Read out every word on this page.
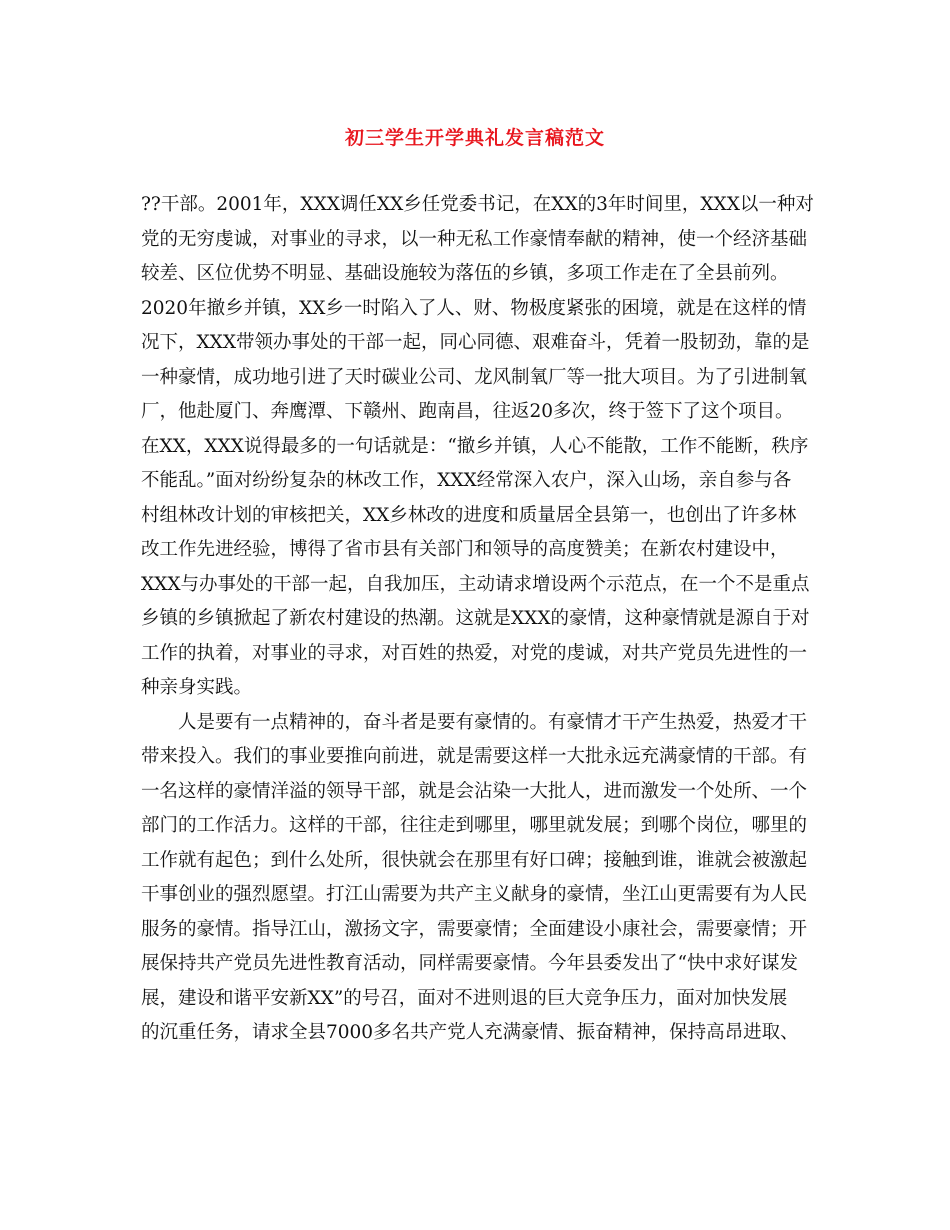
初三学生开学典礼发言稿范文
??干部。2001年，XXX调任XX乡任党委书记，在XX的3年时间里，XXX以一种对
党的无穷虔诚，对事业的寻求，以一种无私工作豪情奉献的精神，使一个经济基础
较差、区位优势不明显、基础设施较为落伍的乡镇，多项工作走在了全县前列。
2020年撤乡并镇，XX乡一时陷入了人、财、物极度紧张的困境，就是在这样的情
况下，XXX带领办事处的干部一起，同心同德、艰难奋斗，凭着一股韧劲，靠的是
一种豪情，成功地引进了天时碳业公司、龙风制氧厂等一批大项目。为了引进制氧
厂，他赴厦门、奔鹰潭、下赣州、跑南昌，往返20多次，终于签下了这个项目。
在XX，XXX说得最多的一句话就是：“撤乡并镇，人心不能散，工作不能断，秩序
不能乱。”面对纷纷复杂的林改工作，XXX经常深入农户，深入山场，亲自参与各
村组林改计划的审核把关，XX乡林改的进度和质量居全县第一，也创出了许多林
改工作先进经验，博得了省市县有关部门和领导的高度赞美；在新农村建设中，
XXX与办事处的干部一起，自我加压，主动请求增设两个示范点，在一个不是重点
乡镇的乡镇掀起了新农村建设的热潮。这就是XXX的豪情，这种豪情就是源自于对
工作的执着，对事业的寻求，对百姓的热爱，对党的虔诚，对共产党员先进性的一
种亲身实践。
人是要有一点精神的，奋斗者是要有豪情的。有豪情才干产生热爱，热爱才干
带来投入。我们的事业要推向前进，就是需要这样一大批永远充满豪情的干部。有
一名这样的豪情洋溢的领导干部，就是会沾染一大批人，进而激发一个处所、一个
部门的工作活力。这样的干部，往往走到哪里，哪里就发展；到哪个岗位，哪里的
工作就有起色；到什么处所，很快就会在那里有好口碑；接触到谁，谁就会被激起
干事创业的强烈愿望。打江山需要为共产主义献身的豪情，坐江山更需要有为人民
服务的豪情。指导江山，激扬文字，需要豪情；全面建设小康社会，需要豪情；开
展保持共产党员先进性教育活动，同样需要豪情。今年县委发出了“快中求好谋发
展，建设和谐平安新XX”的号召，面对不进则退的巨大竞争压力，面对加快发展
的沉重任务，请求全县7000多名共产党人充满豪情、振奋精神，保持高昂进取、
